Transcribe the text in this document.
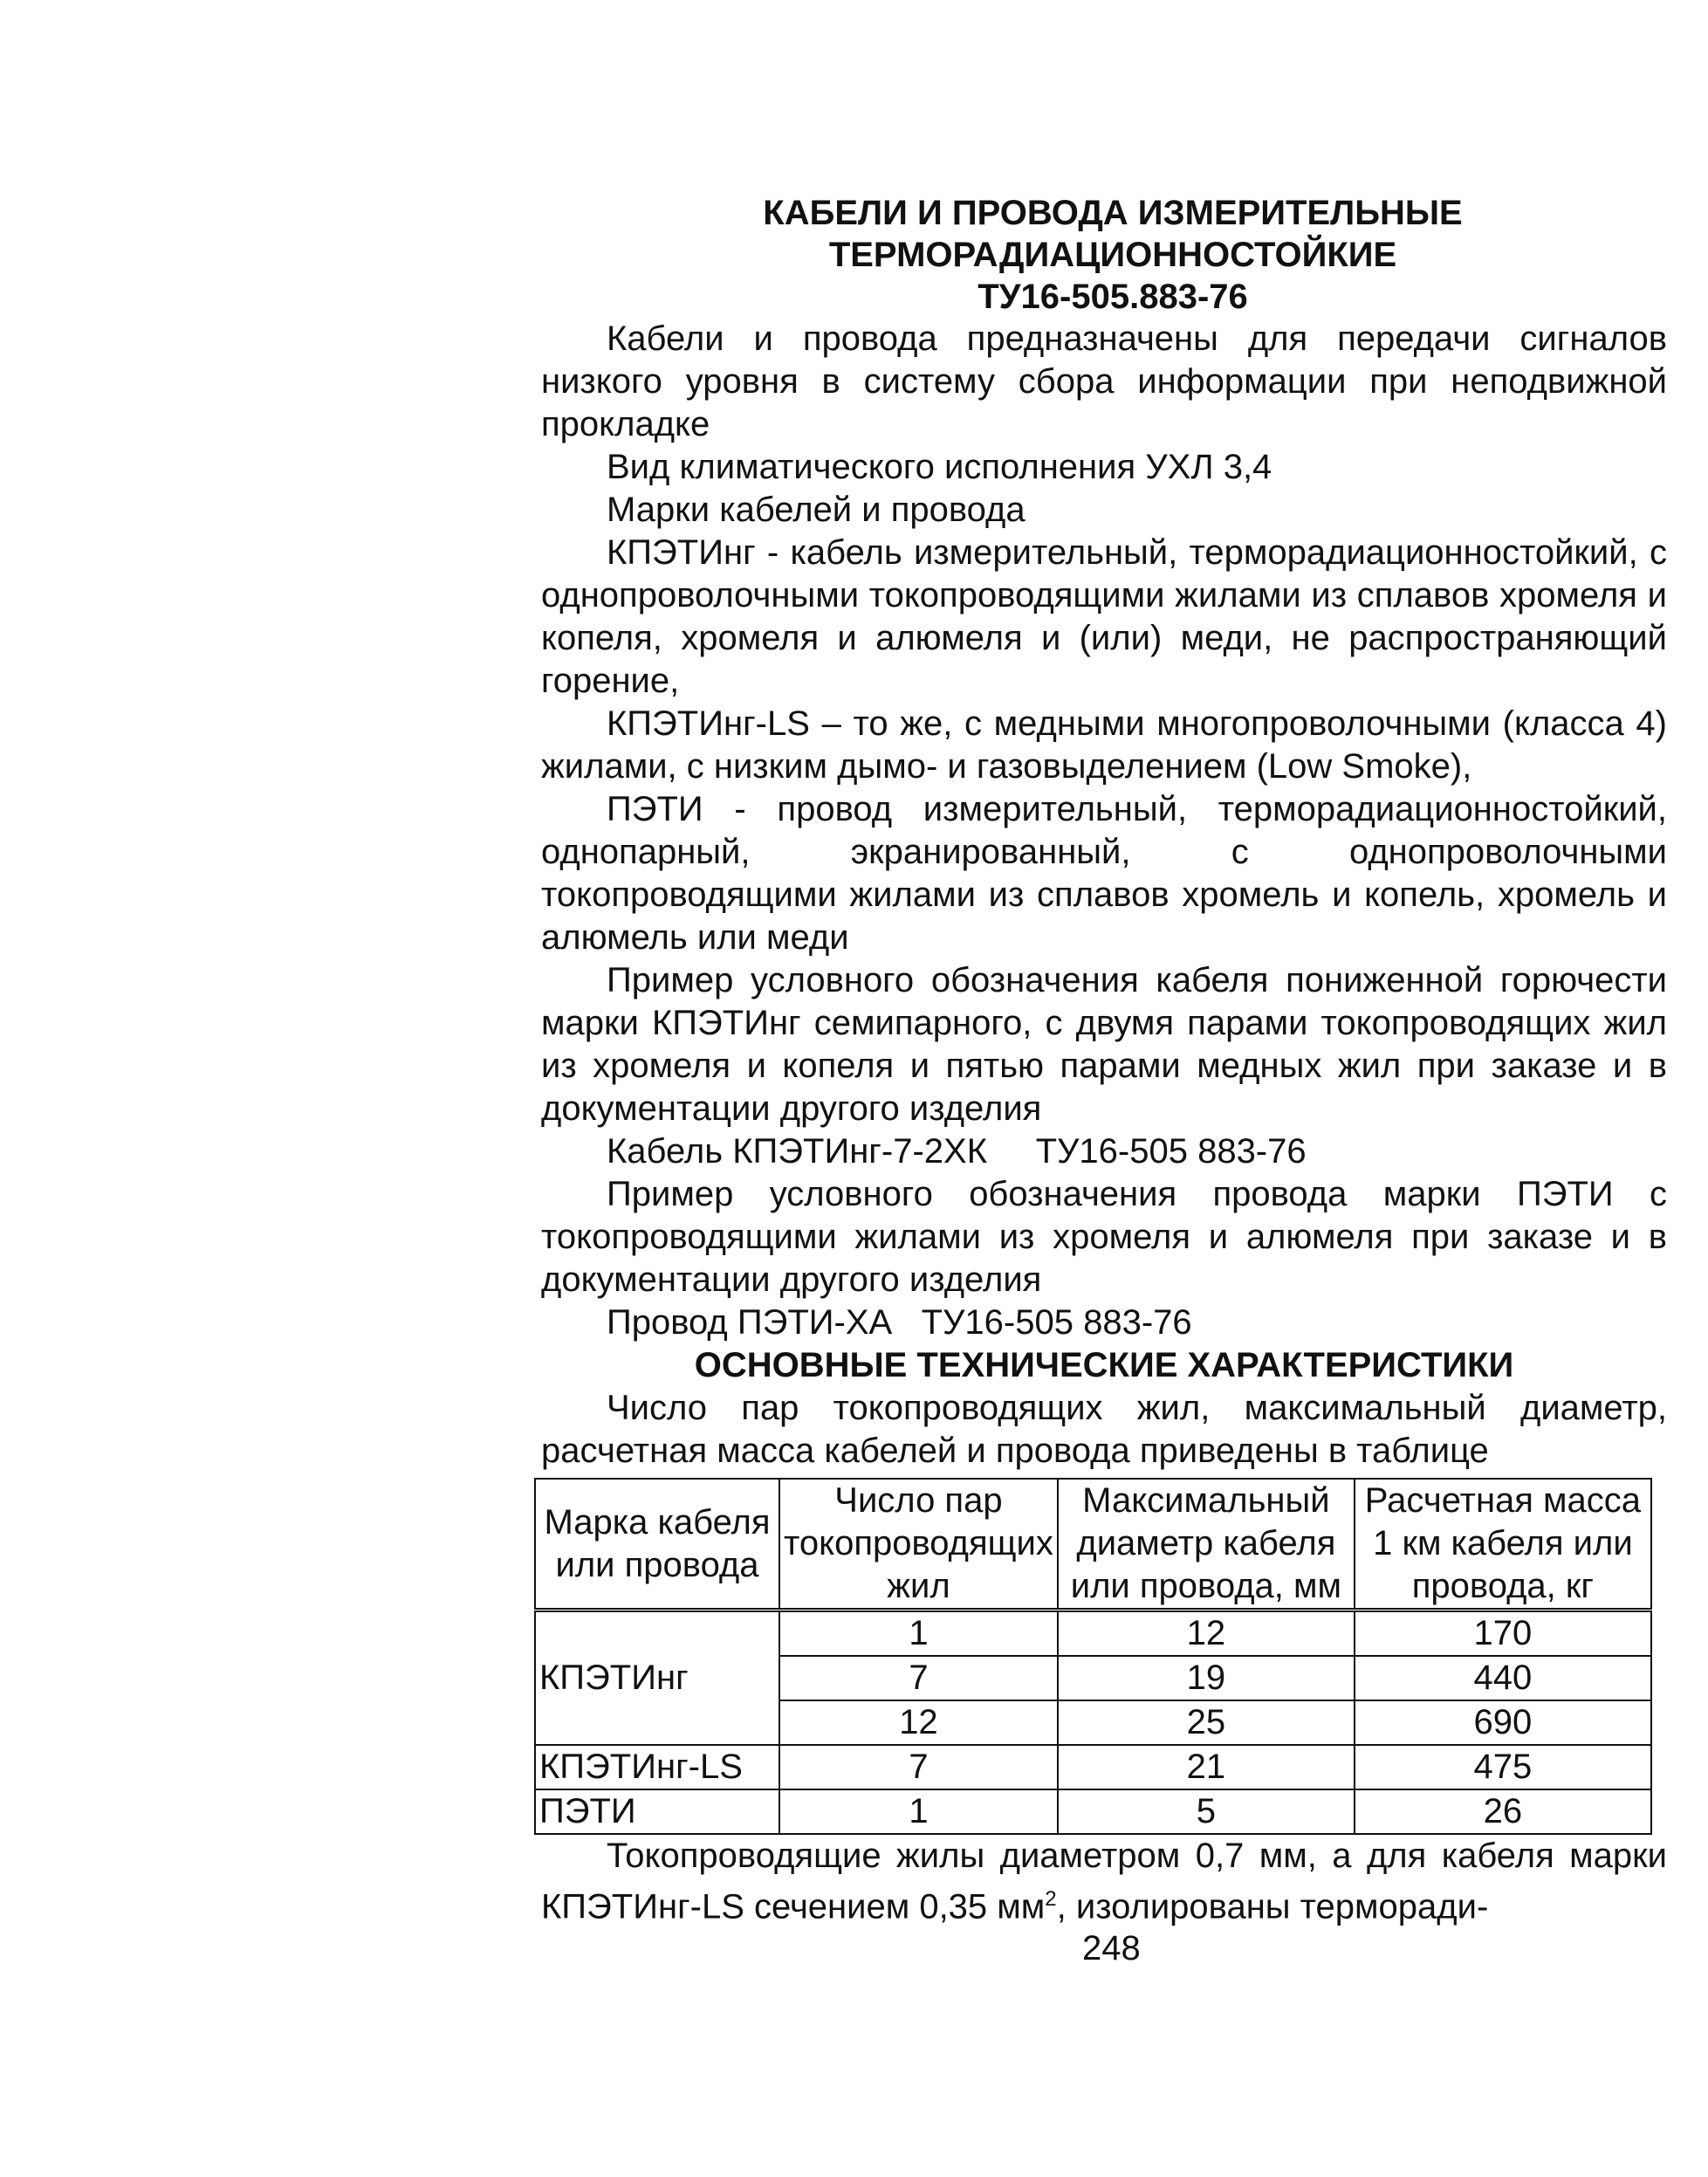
КАБЕЛИ И ПРОВОДА ИЗМЕРИТЕЛЬНЫЕ
ТЕРМОРАДИАЦИОННОСТОЙКИЕ
ТУ16-505.883-76

Кабели и провода предназначены для передачи сигналов низкого уровня в систему сбора информации при неподвижной прокладке

Вид климатического исполнения УХЛ 3,4

Марки кабелей и провода

КПЭТИнг - кабель измерительный, терморадиационностойкий, с однопроволочными токопроводящими жилами из сплавов хромеля и копеля, хромеля и алюмеля и (или) меди, не распространяющий горение,

КПЭТИнг-LS – то же, с медными многопроволочными (класса 4) жилами, с низким дымо- и газовыделением (Low Smoke),

ПЭТИ - провод измерительный, терморадиационностойкий, однопарный, экранированный, с однопроволочными токопроводящими жилами из сплавов хромель и копель, хромель и алюмель или меди

Пример условного обозначения кабеля пониженной горючести марки КПЭТИнг семипарного, с двумя парами токопроводящих жил из хромеля и копеля и пятью парами медных жил при заказе и в документации другого изделия

Кабель КПЭТИнг-7-2ХК     ТУ16-505 883-76

Пример условного обозначения провода марки ПЭТИ с токопроводящими жилами из хромеля и алюмеля при заказе и в документации другого изделия

Провод ПЭТИ-ХА   ТУ16-505 883-76

ОСНОВНЫЕ ТЕХНИЧЕСКИЕ ХАРАКТЕРИСТИКИ

Число пар токопроводящих жил, максимальный диаметр, расчетная масса кабелей и провода приведены в таблице

Марка кабеля или провода	Число пар токопроводящих жил	Максимальный диаметр кабеля или провода, мм	Расчетная масса 1 км кабеля или провода, кг
КПЭТИнг	1	12	170
	7	19	440
	12	25	690
КПЭТИнг-LS	7	21	475
ПЭТИ	1	5	26

Токопроводящие жилы диаметром 0,7 мм, а для кабеля марки КПЭТИнг-LS сечением 0,35 $мм^2$, изолированы терморади-

248
